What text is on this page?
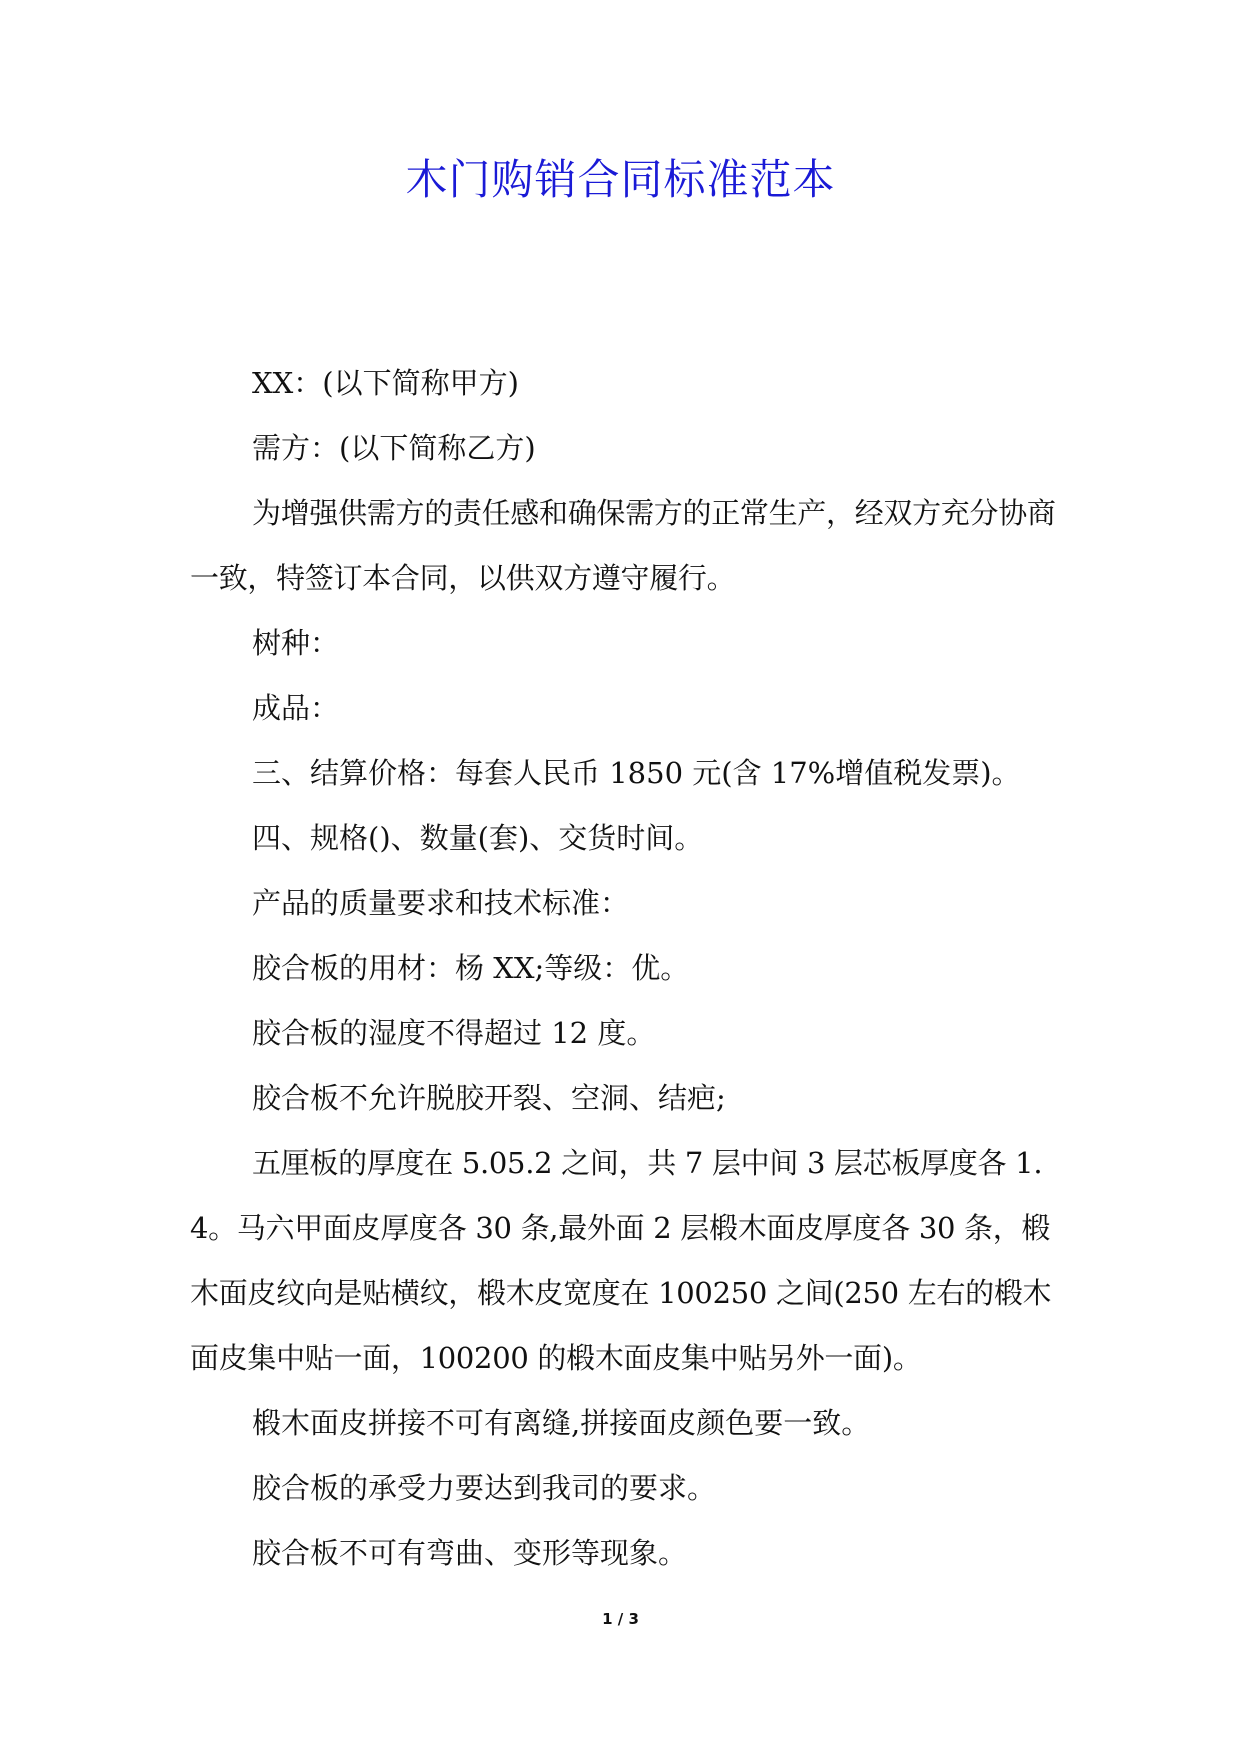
木门购销合同标准范本

XX：(以下简称甲方)

需方：(以下简称乙方)

为增强供需方的责任感和确保需方的正常生产，经双方充分协商一致，特签订本合同，以供双方遵守履行。

树种：

成品：

三、结算价格：每套人民币 1850 元(含 17%增值税发票)。

四、规格()、数量(套)、交货时间。

产品的质量要求和技术标准：

胶合板的用材：杨 XX;等级：优。

胶合板的湿度不得超过 12 度。

胶合板不允许脱胶开裂、空洞、结疤;

五厘板的厚度在 5.05.2 之间，共 7 层中间 3 层芯板厚度各 1.4。马六甲面皮厚度各 30 条,最外面 2 层椴木面皮厚度各 30 条，椴木面皮纹向是贴横纹，椴木皮宽度在 100250 之间(250 左右的椴木面皮集中贴一面，100200 的椴木面皮集中贴另外一面)。

椴木面皮拼接不可有离缝,拼接面皮颜色要一致。

胶合板的承受力要达到我司的要求。

胶合板不可有弯曲、变形等现象。

1 / 3
